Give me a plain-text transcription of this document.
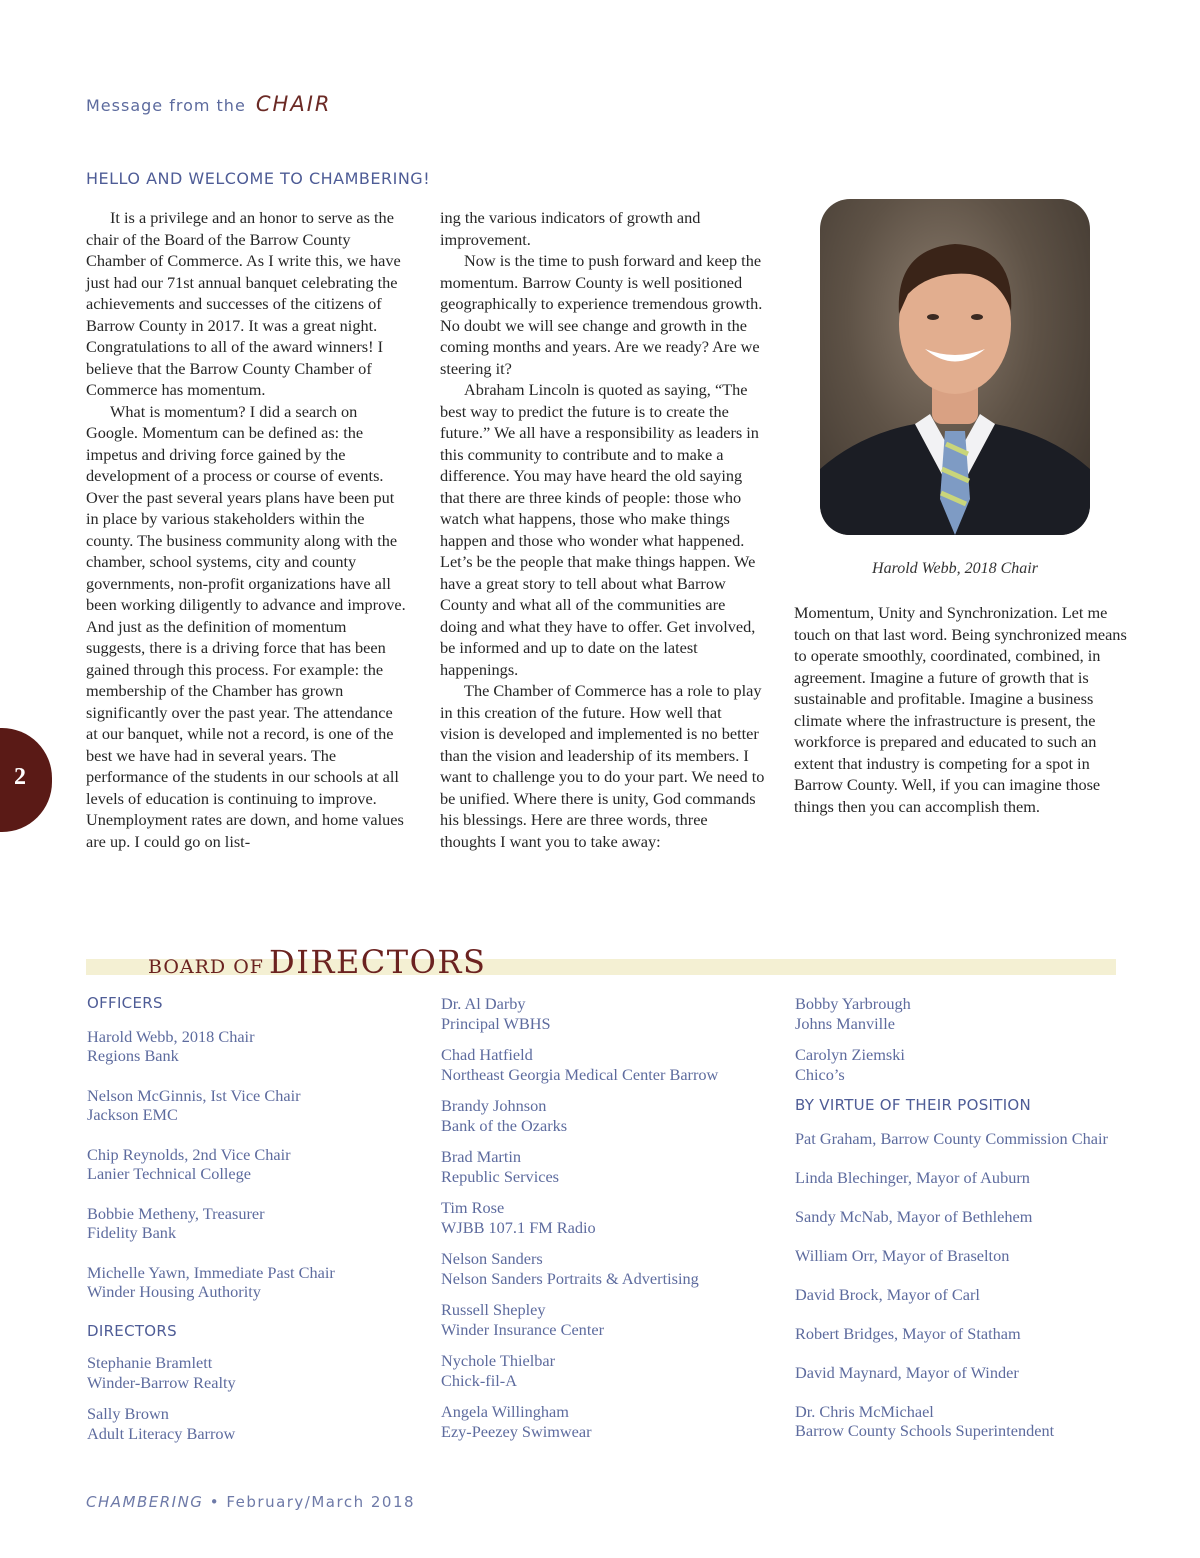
Message from the CHAIR
HELLO AND WELCOME TO CHAMBERING!

It is a privilege and an honor to serve as the chair of the Board of the Barrow County Chamber of Commerce. As I write this, we have just had our 71st annual banquet celebrating the achievements and successes of the citizens of Barrow County in 2017. It was a great night. Congratulations to all of the award winners! I believe that the Barrow County Chamber of Commerce has momentum.

What is momentum? I did a search on Google. Momentum can be defined as: the impetus and driving force gained by the development of a process or course of events. Over the past several years plans have been put in place by various stakeholders within the county. The business community along with the chamber, school systems, city and county governments, non-profit organizations have all been working diligently to advance and improve. And just as the definition of momentum suggests, there is a driving force that has been gained through this process. For example: the membership of the Chamber has grown significantly over the past year. The attendance at our banquet, while not a record, is one of the best we have had in several years. The performance of the students in our schools at all levels of education is continuing to improve. Unemployment rates are down, and home values are up. I could go on list-

ing the various indicators of growth and improvement.

Now is the time to push forward and keep the momentum. Barrow County is well positioned geographically to experience tremendous growth. No doubt we will see change and growth in the coming months and years. Are we ready? Are we steering it?

Abraham Lincoln is quoted as saying, “The best way to predict the future is to create the future.” We all have a responsibility as leaders in this community to contribute and to make a difference. You may have heard the old saying that there are three kinds of people: those who watch what happens, those who make things happen and those who wonder what happened. Let’s be the people that make things happen. We have a great story to tell about what Barrow County and what all of the communities are doing and what they have to offer. Get involved, be informed and up to date on the latest happenings.

The Chamber of Commerce has a role to play in this creation of the future. How well that vision is developed and implemented is no better than the vision and leadership of its members. I want to challenge you to do your part. We need to be unified. Where there is unity, God commands his blessings. Here are three words, three thoughts I want you to take away:

Harold Webb, 2018 Chair

Momentum, Unity and Synchronization. Let me touch on that last word. Being synchronized means to operate smoothly, coordinated, combined, in agreement. Imagine a future of growth that is sustainable and profitable. Imagine a business climate where the infrastructure is present, the workforce is prepared and educated to such an extent that industry is competing for a spot in Barrow County. Well, if you can imagine those things then you can accomplish them.

2
BOARD OF DIRECTORS
OFFICERS
Harold Webb, 2018 Chair
Regions Bank
Nelson McGinnis, Ist Vice Chair
Jackson EMC
Chip Reynolds, 2nd Vice Chair
Lanier Technical College
Bobbie Metheny, Treasurer
Fidelity Bank
Michelle Yawn, Immediate Past Chair
Winder Housing Authority
DIRECTORS
Stephanie Bramlett
Winder-Barrow Realty
Sally Brown
Adult Literacy Barrow
Dr. Al Darby
Principal WBHS
Chad Hatfield
Northeast Georgia Medical Center Barrow
Brandy Johnson
Bank of the Ozarks
Brad Martin
Republic Services
Tim Rose
WJBB 107.1 FM Radio
Nelson Sanders
Nelson Sanders Portraits & Advertising
Russell Shepley
Winder Insurance Center
Nychole Thielbar
Chick-fil-A
Angela Willingham
Ezy-Peezey Swimwear
Bobby Yarbrough
Johns Manville
Carolyn Ziemski
Chico’s
BY VIRTUE OF THEIR POSITION
Pat Graham, Barrow County Commission Chair
Linda Blechinger, Mayor of Auburn
Sandy McNab, Mayor of Bethlehem
William Orr, Mayor of Braselton
David Brock, Mayor of Carl
Robert Bridges, Mayor of Statham
David Maynard, Mayor of Winder
Dr. Chris McMichael
Barrow County Schools Superintendent
CHAMBERING • February/March 2018
